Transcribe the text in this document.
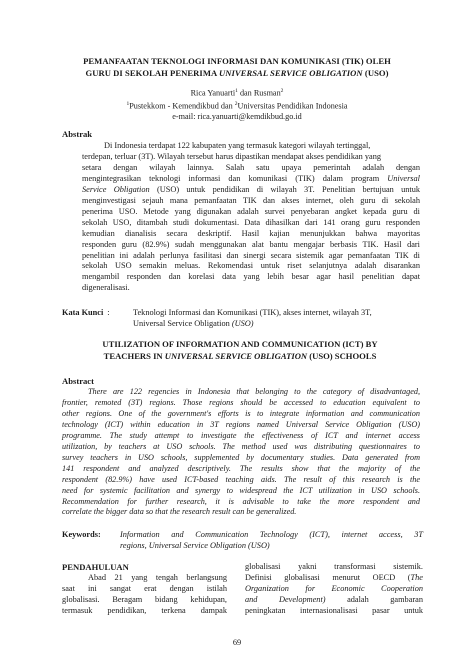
PEMANFAATAN TEKNOLOGI INFORMASI DAN KOMUNIKASI (TIK) OLEH
GURU DI SEKOLAH PENERIMA UNIVERSAL SERVICE OBLIGATION (USO)
Rica Yanuarti$^1$ dan Rusman$^2$
$^1$Pustekkom - Kemendikbud dan $^2$Universitas Pendidikan Indonesia
e-mail: rica.yanuarti@kemdikbud.go.id
Abstrak
Di Indonesia terdapat 122 kabupaten yang termasuk kategori wilayah tertinggal,
terdepan, terluar (3T). Wilayah tersebut harus dipastikan mendapat akses pendidikan yang
setara dengan wilayah lainnya. Salah satu upaya pemerintah adalah dengan
mengintegrasikan teknologi informasi dan komunikasi (TIK) dalam program Universal
Service Obligation (USO) untuk pendidikan di wilayah 3T. Penelitian bertujuan untuk
menginvestigasi sejauh mana pemanfaatan TIK dan akses internet, oleh guru di sekolah
penerima USO. Metode yang digunakan adalah survei penyebaran angket kepada guru di
sekolah USO, ditambah studi dokumentasi. Data dihasilkan dari 141 orang guru responden
kemudian dianalisis secara deskriptif. Hasil kajian menunjukkan bahwa mayoritas
responden guru (82.9%) sudah menggunakan alat bantu mengajar berbasis TIK. Hasil dari
penelitian ini adalah perlunya fasilitasi dan sinergi secara sistemik agar pemanfaatan TIK di
sekolah USO semakin meluas. Rekomendasi untuk riset selanjutnya adalah disarankan
mengambil responden dan korelasi data yang lebih besar agar hasil penelitian dapat
digeneralisasi.
Kata Kunci :	Teknologi Informasi dan Komunikasi (TIK), akses internet, wilayah 3T,
Universal Service Obligation (USO)
UTILIZATION OF INFORMATION AND COMMUNICATION (ICT) BY
TEACHERS IN UNIVERSAL SERVICE OBLIGATION (USO) SCHOOLS
Abstract
There are 122 regencies in Indonesia that belonging to the category of disadvantaged,
frontier, remoted (3T) regions. Those regions should be accessed to education equivalent to
other regions. One of the government's efforts is to integrate information and communication
technology (ICT) within education in 3T regions named Universal Service Obligation (USO)
programme. The study attempt to investigate the effectiveness of ICT and internet access
utilization, by teachers at USO schools. The method used was distributing questionnaires to
survey teachers in USO schools, supplemented by documentary studies. Data generated from
141 respondent and analyzed descriptively. The results show that the majority of the
respondent (82.9%) have used ICT-based teaching aids. The result of this research is the
need for systemic facilitation and synergy to widespread the ICT utilization in USO schools.
Recommendation for further research, it is advisable to take the more respondent and
correlate the bigger data so that the research result can be generalized.
Keywords: Information and Communication Technology (ICT), internet access, 3T
regions, Universal Service Obligation (USO)
PENDAHULUAN
Abad 21 yang tengah berlangsung
saat ini sangat erat dengan istilah
globalisasi. Beragam bidang kehidupan,
termasuk pendidikan, terkena dampak
globalisasi yakni transformasi sistemik.
Definisi globalisasi menurut OECD (The
Organization for Economic Cooperation
and Development) adalah gambaran
peningkatan internasionalisasi pasar untuk
69
